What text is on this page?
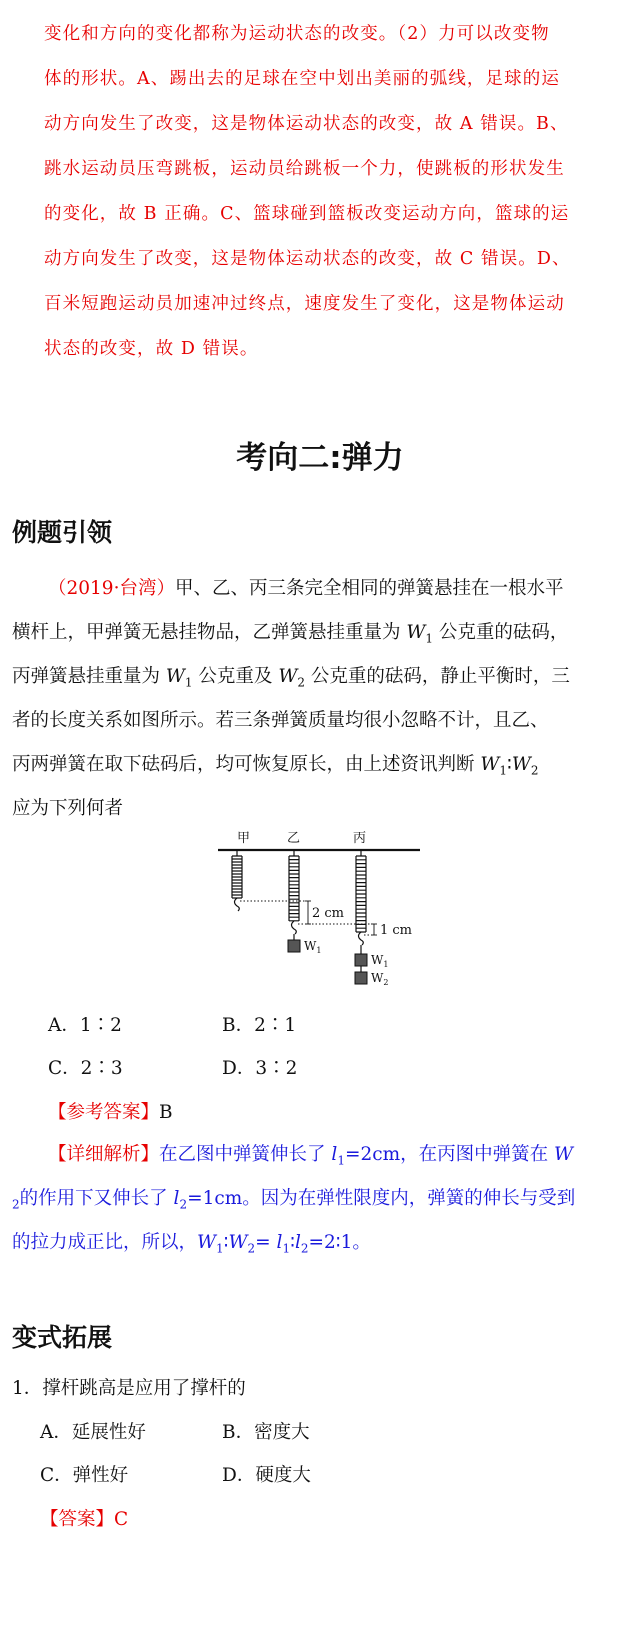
变化和方向的变化都称为运动状态的改变。（2）力可以改变物

体的形状。A、踢出去的足球在空中划出美丽的弧线，足球的运

动方向发生了改变，这是物体运动状态的改变，故 A 错误。B、

跳水运动员压弯跳板，运动员给跳板一个力，使跳板的形状发生

的变化，故 B 正确。C、篮球碰到篮板改变运动方向，篮球的运

动方向发生了改变，这是物体运动状态的改变，故 C 错误。D、

百米短跑运动员加速冲过终点，速度发生了变化，这是物体运动

状态的改变，故 D 错误。

考向二:弹力
例题引领

（2019·台湾）甲、乙、丙三条完全相同的弹簧悬挂在一根水平

横杆上，甲弹簧无悬挂物品，乙弹簧悬挂重量为 $W_1$ 公克重的砝码，

丙弹簧悬挂重量为 $W_1$ 公克重及 $W_2$ 公克重的砝码，静止平衡时，三

者的长度关系如图所示。若三条弹簧质量均很小忽略不计，且乙、

丙两弹簧在取下砝码后，均可恢复原长，由上述资讯判断 $W_1∶W_2$

应为下列何者

甲	乙	丙
2 cm
1 cm
$W_1$
$W_1$
$W_2$
A．1∶2	B．2∶1
C．2∶3	D．3∶2
【参考答案】B

【详细解析】在乙图中弹簧伸长了 $l_1=2cm$，在丙图中弹簧在 W

$_2$的作用下又伸长了 $l_2=1cm$。因为在弹性限度内，弹簧的伸长与受到

的拉力成正比，所以，$W_1∶W_2=$ $l_1∶l_2=2∶1$。

变式拓展
1．撑杆跳高是应用了撑杆的
A．延展性好	B．密度大
C．弹性好	D．硬度大
【答案】C
